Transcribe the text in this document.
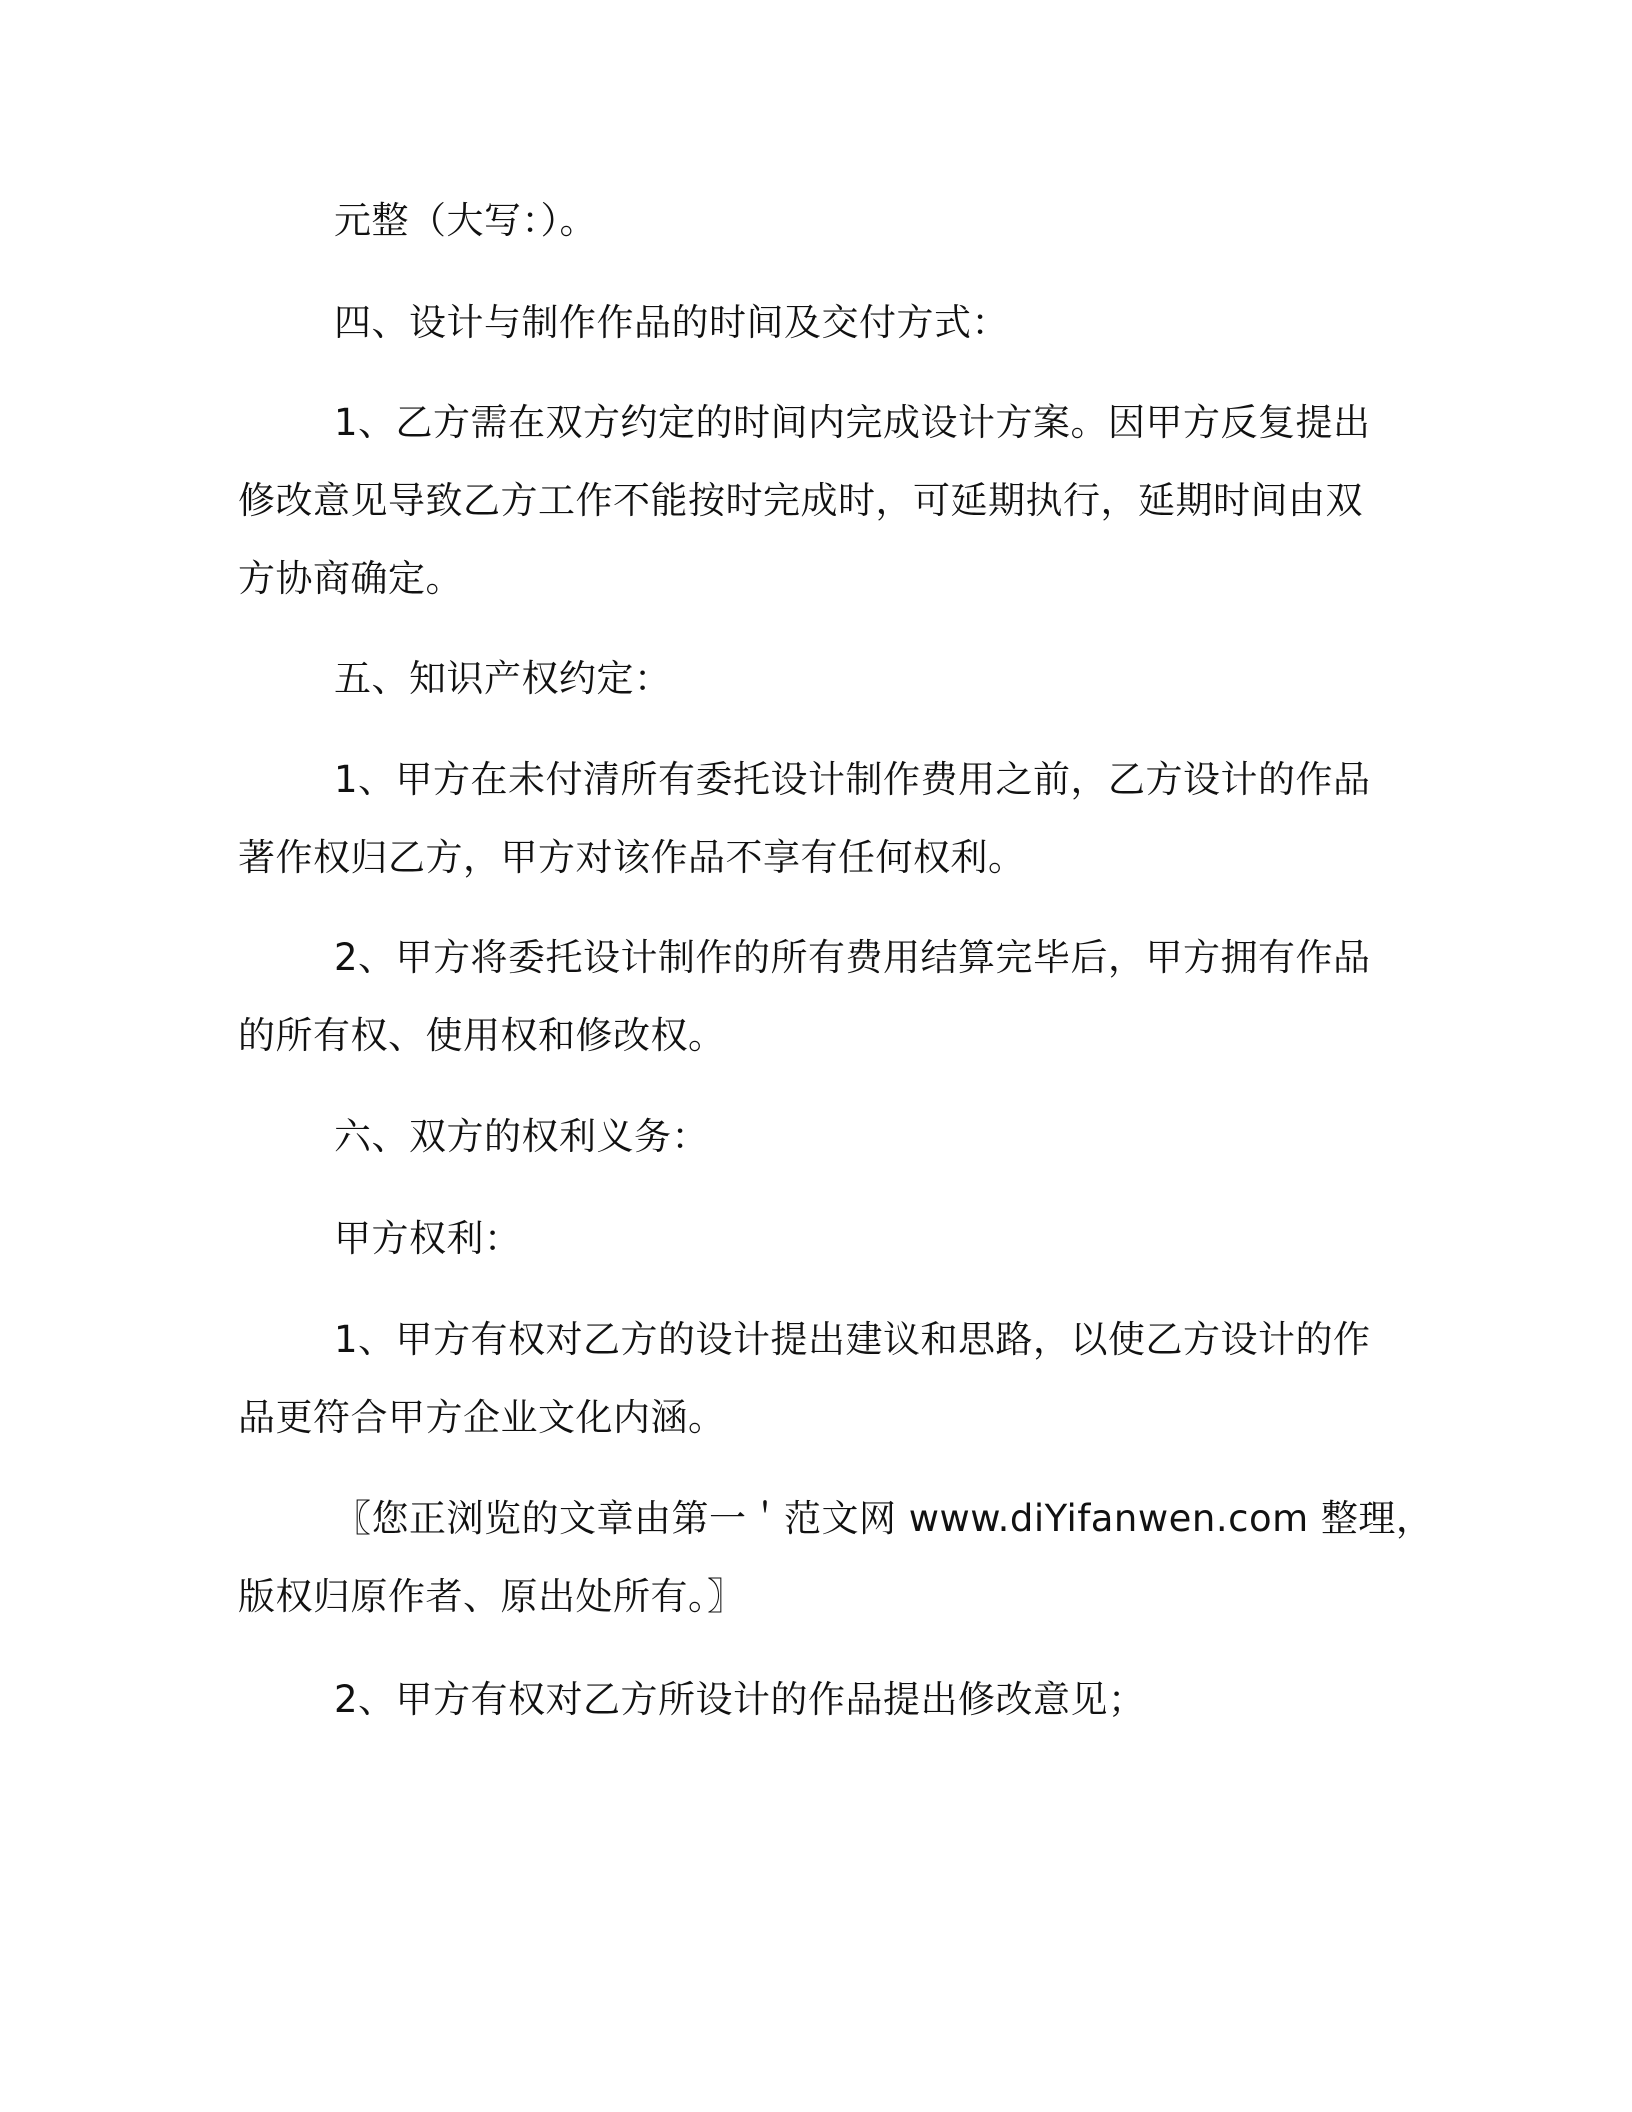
元整（大写：）。

四、设计与制作作品的时间及交付方式：

1、乙方需在双方约定的时间内完成设计方案。因甲方反复提出
修改意见导致乙方工作不能按时完成时，可延期执行，延期时间由双
方协商确定。

五、知识产权约定：

1、甲方在未付清所有委托设计制作费用之前，乙方设计的作品
著作权归乙方，甲方对该作品不享有任何权利。

2、甲方将委托设计制作的所有费用结算完毕后，甲方拥有作品
的所有权、使用权和修改权。

六、双方的权利义务：

甲方权利：

1、甲方有权对乙方的设计提出建议和思路，以使乙方设计的作
品更符合甲方企业文化内涵。

〖您正浏览的文章由第一＇范文网 www.diYifanwen.com 整理，
版权归原作者、原出处所有。〗

2、甲方有权对乙方所设计的作品提出修改意见；
